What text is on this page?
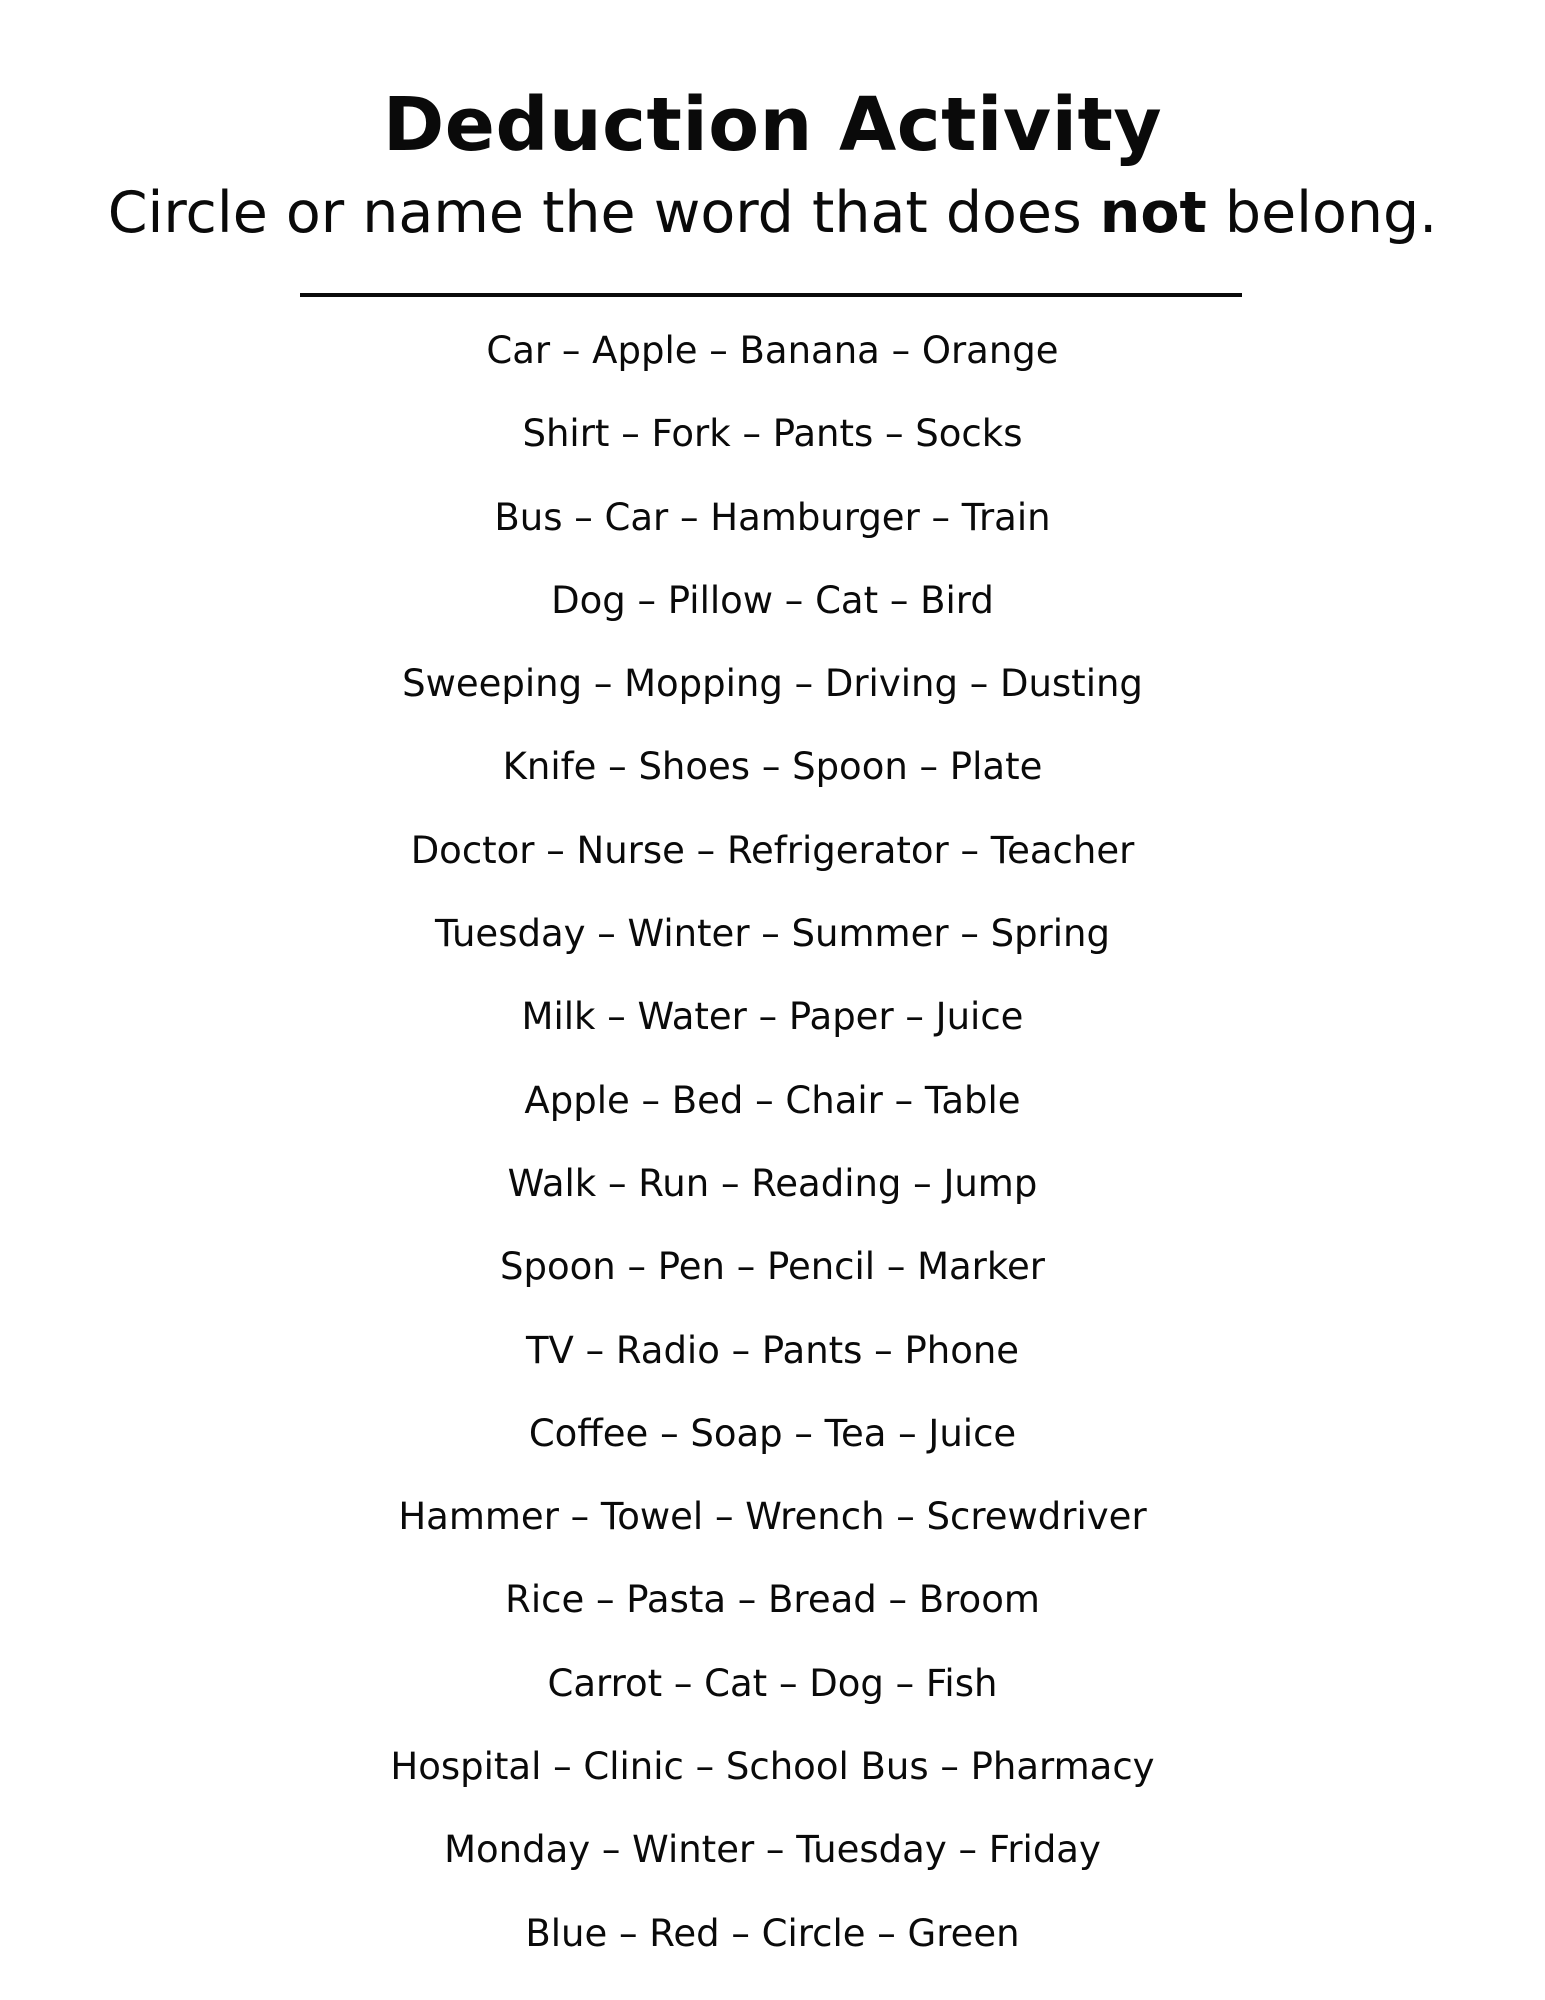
Deduction Activity
Circle or name the word that does not belong.
Car – Apple – Banana – Orange
Shirt – Fork – Pants – Socks
Bus – Car – Hamburger – Train
Dog – Pillow – Cat – Bird
Sweeping – Mopping – Driving – Dusting
Knife – Shoes – Spoon – Plate
Doctor – Nurse – Refrigerator – Teacher
Tuesday – Winter – Summer – Spring
Milk – Water – Paper – Juice
Apple – Bed – Chair – Table
Walk – Run – Reading – Jump
Spoon – Pen – Pencil – Marker
TV – Radio – Pants – Phone
Coffee – Soap – Tea – Juice
Hammer – Towel – Wrench – Screwdriver
Rice – Pasta – Bread – Broom
Carrot – Cat – Dog – Fish
Hospital – Clinic – School Bus – Pharmacy
Monday – Winter – Tuesday – Friday
Blue – Red – Circle – Green
